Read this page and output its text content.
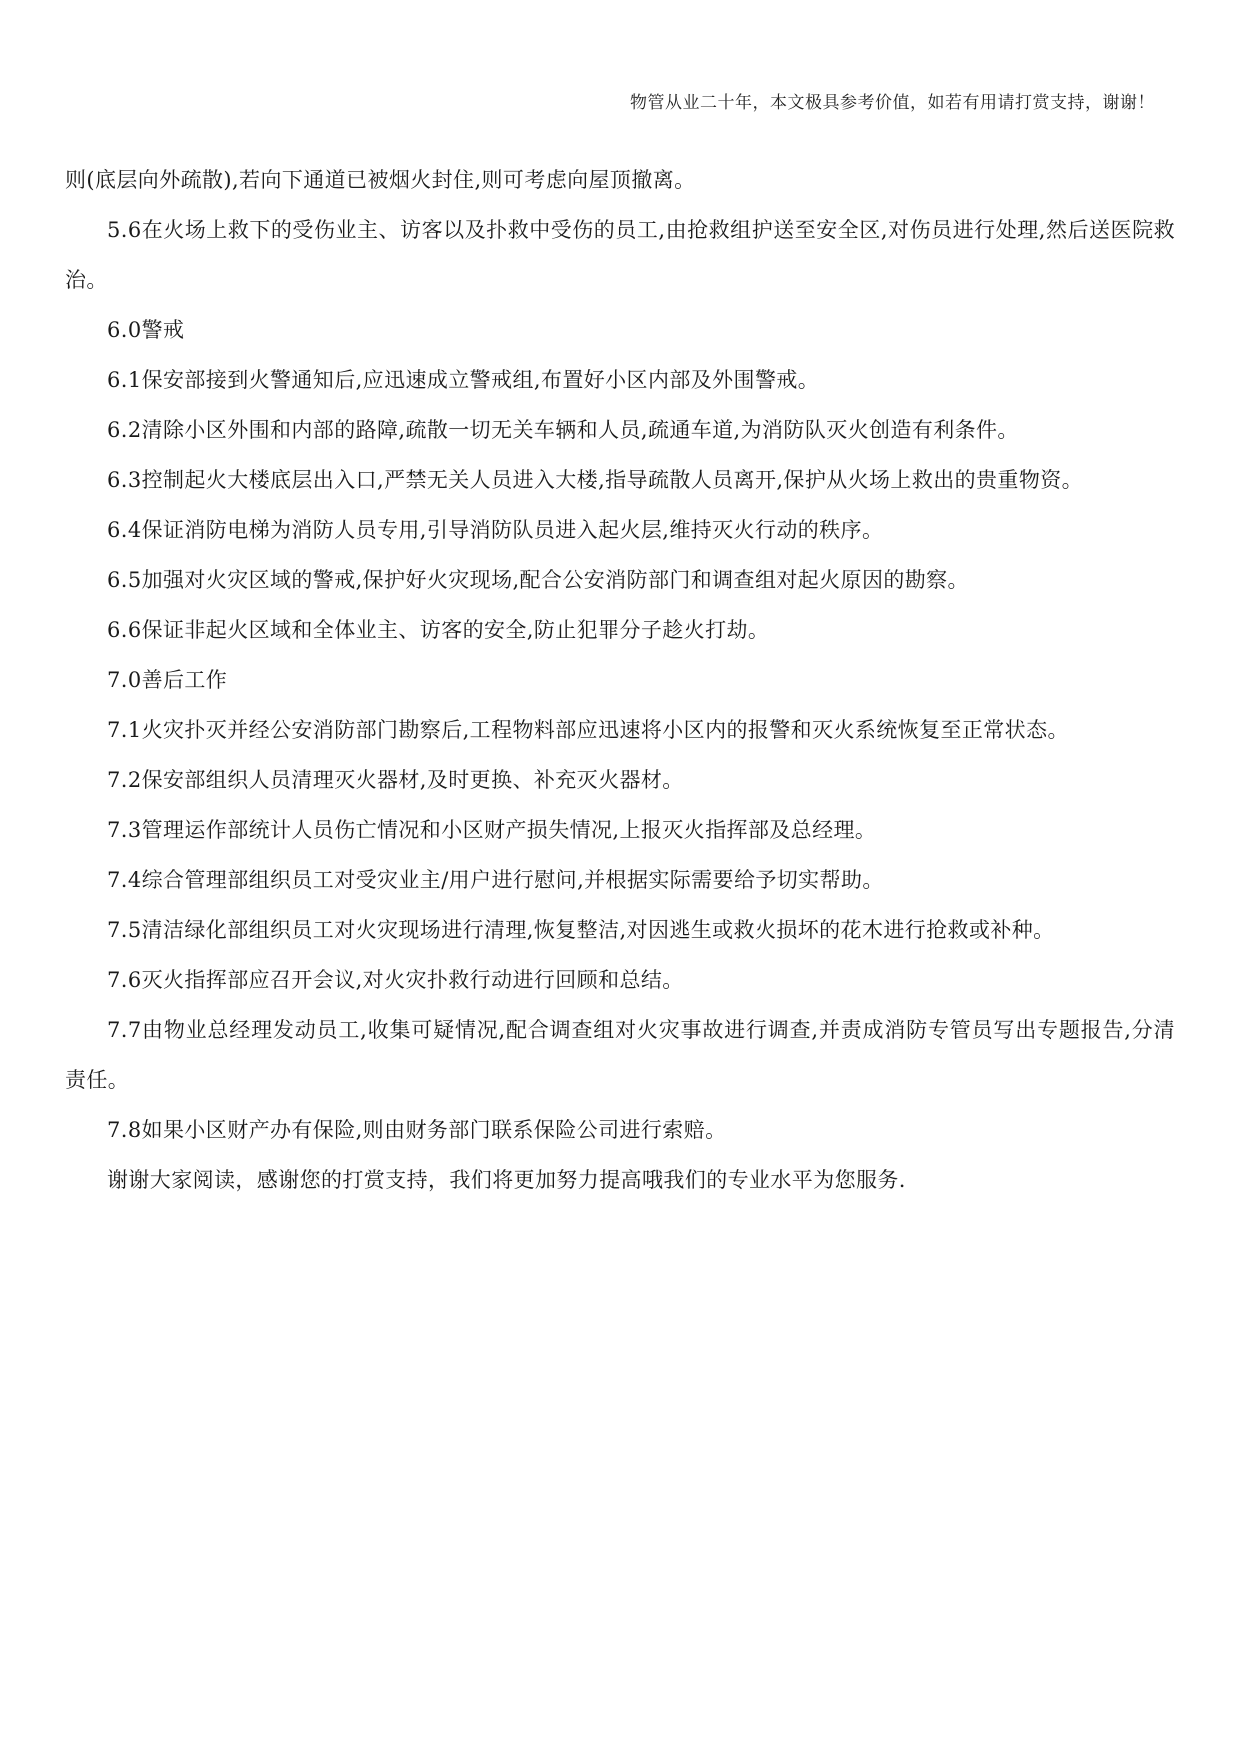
物管从业二十年，本文极具参考价值，如若有用请打赏支持，谢谢！

则(底层向外疏散),若向下通道已被烟火封住,则可考虑向屋顶撤离。

5.6在火场上救下的受伤业主、访客以及扑救中受伤的员工,由抢救组护送至安全区,对伤员进行处理,然后送医院救治。

6.0警戒

6.1保安部接到火警通知后,应迅速成立警戒组,布置好小区内部及外围警戒。

6.2清除小区外围和内部的路障,疏散一切无关车辆和人员,疏通车道,为消防队灭火创造有利条件。

6.3控制起火大楼底层出入口,严禁无关人员进入大楼,指导疏散人员离开,保护从火场上救出的贵重物资。

6.4保证消防电梯为消防人员专用,引导消防队员进入起火层,维持灭火行动的秩序。

6.5加强对火灾区域的警戒,保护好火灾现场,配合公安消防部门和调查组对起火原因的勘察。

6.6保证非起火区域和全体业主、访客的安全,防止犯罪分子趁火打劫。

7.0善后工作

7.1火灾扑灭并经公安消防部门勘察后,工程物料部应迅速将小区内的报警和灭火系统恢复至正常状态。

7.2保安部组织人员清理灭火器材,及时更换、补充灭火器材。

7.3管理运作部统计人员伤亡情况和小区财产损失情况,上报灭火指挥部及总经理。

7.4综合管理部组织员工对受灾业主/用户进行慰问,并根据实际需要给予切实帮助。

7.5清洁绿化部组织员工对火灾现场进行清理,恢复整洁,对因逃生或救火损坏的花木进行抢救或补种。

7.6灭火指挥部应召开会议,对火灾扑救行动进行回顾和总结。

7.7由物业总经理发动员工,收集可疑情况,配合调查组对火灾事故进行调查,并责成消防专管员写出专题报告,分清责任。

7.8如果小区财产办有保险,则由财务部门联系保险公司进行索赔。

谢谢大家阅读，感谢您的打赏支持，我们将更加努力提高哦我们的专业水平为您服务.
